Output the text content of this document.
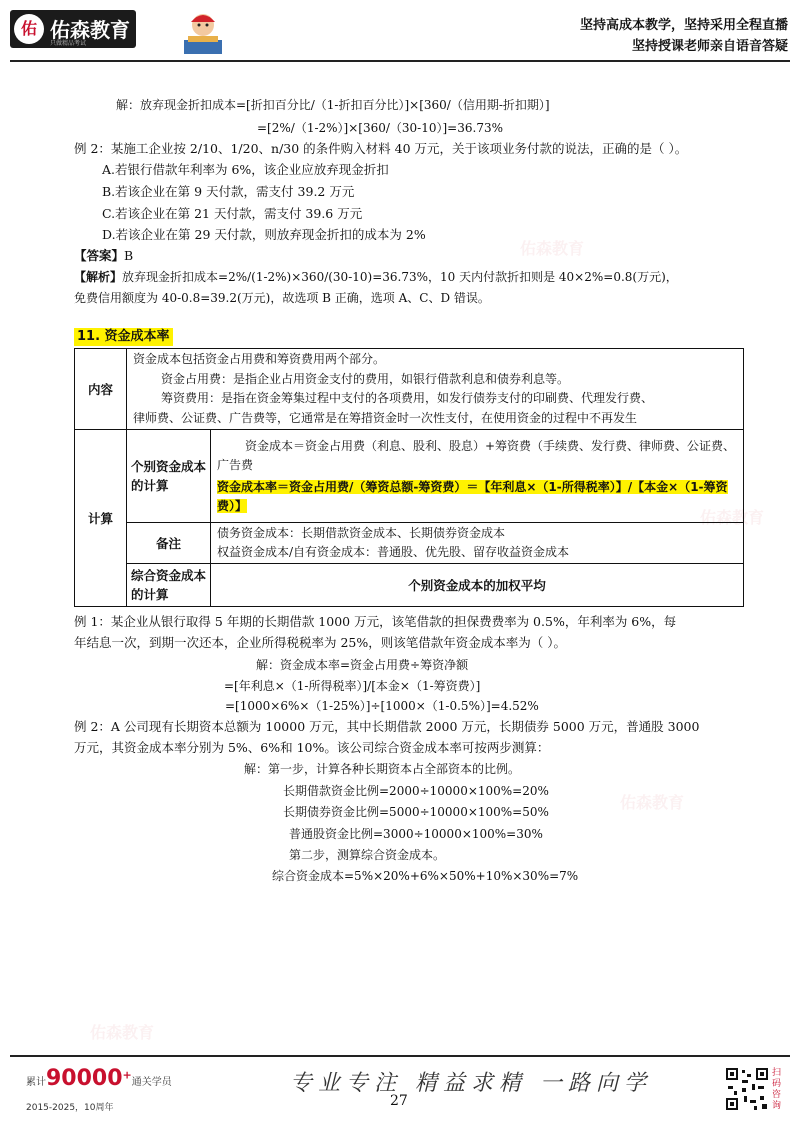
佑森教育
佑森教育
佑森教育
佑森教育
佑 佑森教育
只做精品考试
坚持高成本教学，坚持采用全程直播
坚持授课老师亲自语音答疑
解：放弃现金折扣成本=[折扣百分比/（1-折扣百分比）]×[360/（信用期-折扣期）]
=[2%/（1-2%）]×[360/（30-10）]=36.73%
例 2：某施工企业按 2/10、1/20、n/30 的条件购入材料 40 万元，关于该项业务付款的说法，正确的是（ ）。
A.若银行借款年利率为 6%，该企业应放弃现金折扣
B.若该企业在第 9 天付款，需支付 39.2 万元
C.若该企业在第 21 天付款，需支付 39.6 万元
D.若该企业在第 29 天付款，则放弃现金折扣的成本为 2%
【答案】B
【解析】放弃现金折扣成本=2%/(1-2%)×360/(30-10)=36.73%，10 天内付款折扣则是 40×2%=0.8(万元)，
免费信用额度为 40-0.8=39.2(万元)，故选项 B 正确，选项 A、C、D 错误。
11. 资金成本率
内容	资金成本包括资金占用费和筹资费用两个部分。
资金占用费：是指企业占用资金支付的费用，如银行借款利息和债券利息等。
筹资费用：是指在资金筹集过程中支付的各项费用，如发行债券支付的印刷费、代理发行费、
律师费、公证费、广告费等，它通常是在筹措资金时一次性支付，在使用资金的过程中不再发生	

计算	个别资金成本的计算	资金成本＝资金占用费（利息、股利、股息）+筹资费（手续费、发行费、律师费、公证费、广告费
资金成本率＝资金占用费/（筹资总额-筹资费）＝【年利息×（1-所得税率）】/【本金×（1-筹资费）】

	备注	债务资金成本：长期借款资金成本、长期债券资金成本
权益资金成本/自有资金成本：普通股、优先股、留存收益资金成本

	综合资金成本的计算	个别资金成本的加权平均
例 1：某企业从银行取得 5 年期的长期借款 1000 万元，该笔借款的担保费费率为 0.5%，年利率为 6%，每
年结息一次，到期一次还本，企业所得税税率为 25%，则该笔借款年资金成本率为（ ）。
解：资金成本率=资金占用费÷筹资净额
=[年利息×（1-所得税率）]/[本金×（1-筹资费）]
=[1000×6%×（1-25%）]÷[1000×（1-0.5%）]=4.52%
例 2：A 公司现有长期资本总额为 10000 万元，其中长期借款 2000 万元，长期债券 5000 万元，普通股 3000
万元，其资金成本率分别为 5%、6%和 10%。该公司综合资金成本率可按两步测算：
解：第一步，计算各种长期资本占全部资本的比例。
长期借款资金比例=2000÷10000×100%=20%
长期债券资金比例=5000÷10000×100%=50%
普通股资金比例=3000÷10000×100%=30%
第二步，测算综合资金成本。
综合资金成本=5%×20%+6%×50%+10%×30%=7%
累计90000+通关学员
2015-2025，10周年
专业专注 精益求精 一路向学
27
扫码咨询
